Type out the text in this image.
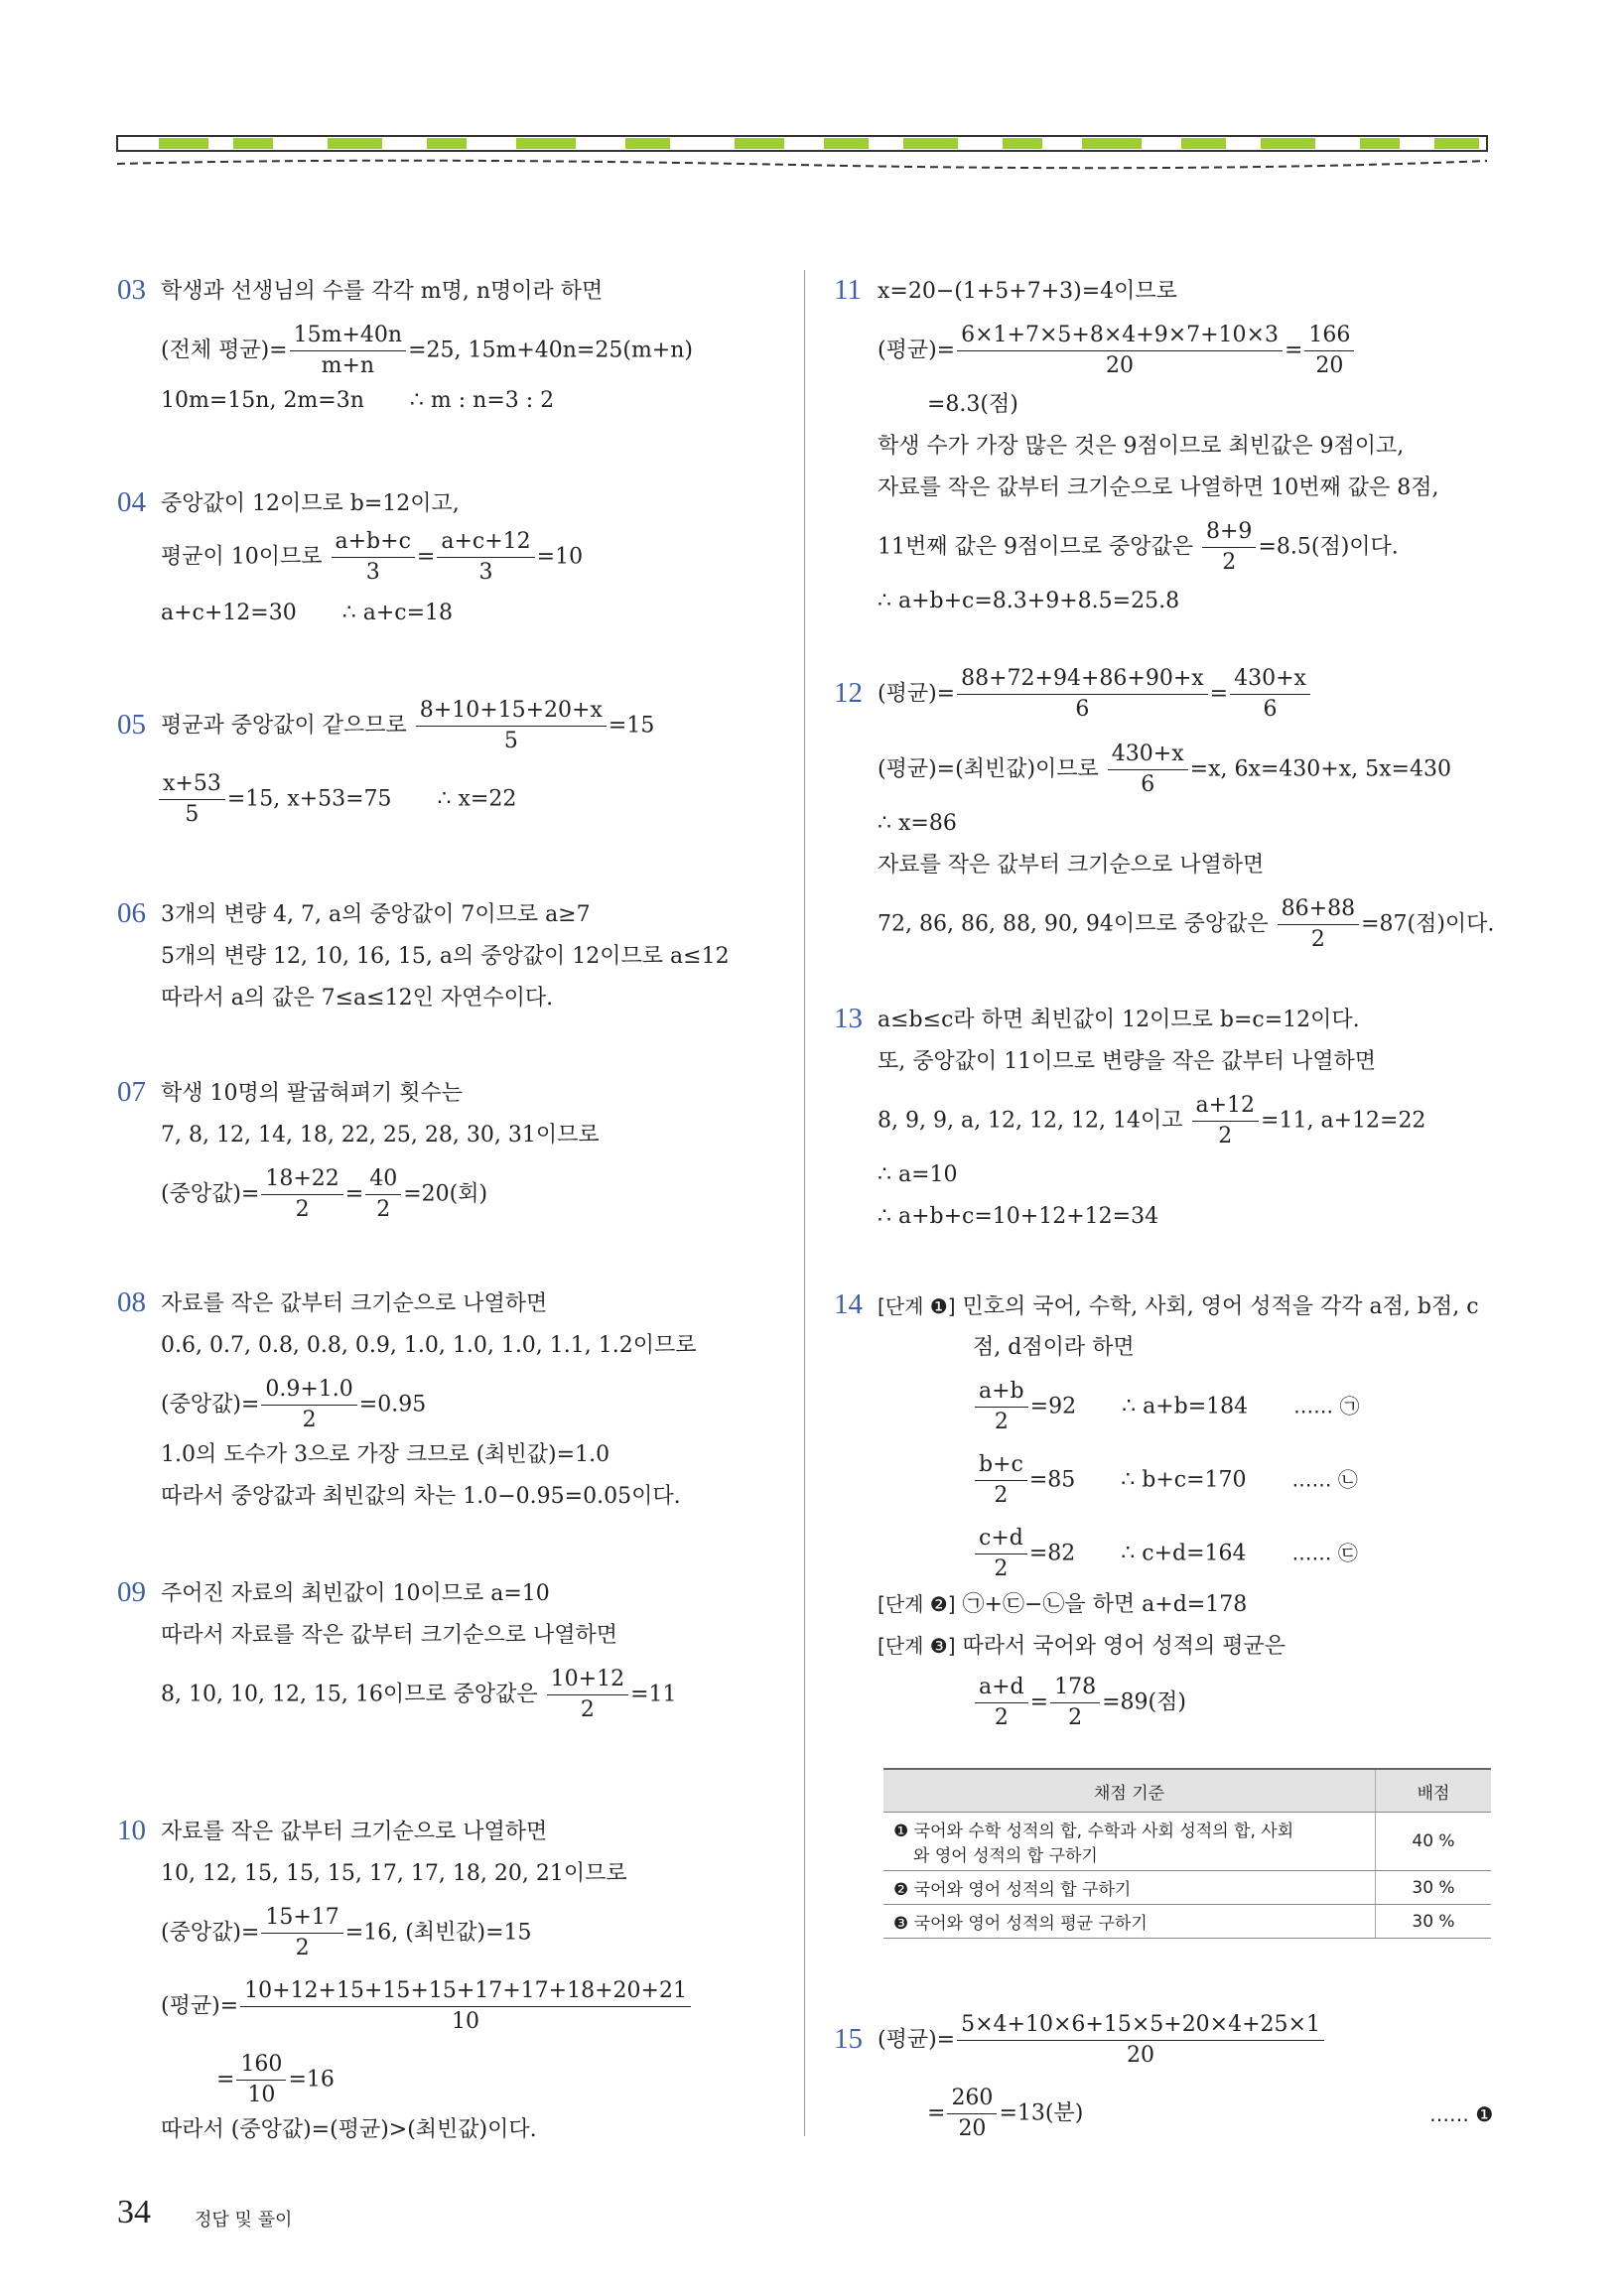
03 학생과 선생님의 수를 각각 m명, n명이라 하면
(전체 평균)= $\frac{15m+40n}{m+n} =25$, 15m+40n=25(m+n)
10m=15n, 2m=3n ∴ m : n=3 : 2
04 중앙값이 12이므로 b=12이고,
평균이 10이므로 $\frac{a+b+c}{3} = \frac{a+c+12}{3} =10$
a+c+12=30 ∴ a+c=18
05 평균과 중앙값이 같으므로 $\frac{8+10+15+20+x}{5} =15$
$\frac{x+53}{5} =15$, x+53=75 ∴ x=22
06 3개의 변량 4, 7, a의 중앙값이 7이므로 a≥7
5개의 변량 12, 10, 16, 15, a의 중앙값이 12이므로 a≤12
따라서 a의 값은 7≤a≤12인 자연수이다.
07 학생 10명의 팔굽혀펴기 횟수는
7, 8, 12, 14, 18, 22, 25, 28, 30, 31이므로
(중앙값)= $\frac{18+22}{2} = \frac{40}{2} =20$(회)
08 자료를 작은 값부터 크기순으로 나열하면
0.6, 0.7, 0.8, 0.8, 0.9, 1.0, 1.0, 1.0, 1.1, 1.2이므로
(중앙값)= $\frac{0.9+1.0}{2} =0.95$
1.0의 도수가 3으로 가장 크므로 (최빈값)=1.0
따라서 중앙값과 최빈값의 차는 1.0−0.95=0.05이다.
09 주어진 자료의 최빈값이 10이므로 a=10
따라서 자료를 작은 값부터 크기순으로 나열하면
8, 10, 10, 12, 15, 16이므로 중앙값은 $\frac{10+12}{2} =11$
10 자료를 작은 값부터 크기순으로 나열하면
10, 12, 15, 15, 15, 17, 17, 18, 20, 21이므로
(중앙값)= $\frac{15+17}{2} =16$, (최빈값)=15
(평균)= $\frac{10+12+15+15+15+17+17+18+20+21}{10}$
= $\frac{160}{10} =16$
따라서 (중앙값)=(평균)>(최빈값)이다.
11 x=20−(1+5+7+3)=4이므로
(평균)= $\frac{6\times 1+7\times 5+8\times 4+9\times 7+10\times 3}{20} = \frac{166}{20}$
=8.3(점)
학생 수가 가장 많은 것은 9점이므로 최빈값은 9점이고,
자료를 작은 값부터 크기순으로 나열하면 10번째 값은 8점,
11번째 값은 9점이므로 중앙값은 $\frac{8+9}{2} =8.5$(점)이다.
∴ a+b+c=8.3+9+8.5=25.8
12 (평균)= $\frac{88+72+94+86+90+x}{6} = \frac{430+x}{6}$
(평균)=(최빈값)이므로 $\frac{430+x}{6} =x$, 6x=430+x, 5x=430
∴ x=86
자료를 작은 값부터 크기순으로 나열하면
72, 86, 86, 88, 90, 94이므로 중앙값은 $\frac{86+88}{2} =87$(점)이다.
13 a≤b≤c라 하면 최빈값이 12이므로 b=c=12이다.
또, 중앙값이 11이므로 변량을 작은 값부터 나열하면
8, 9, 9, a, 12, 12, 12, 14이고 $\frac{a+12}{2} =11$, a+12=22
∴ a=10
∴ a+b+c=10+12+12=34
14 [단계 ❶] 민호의 국어, 수학, 사회, 영어 성적을 각각 a점, b점, c
점, d점이라 하면
$\frac{a+b}{2} =92$ ∴ a+b=184 …… ㉠
$\frac{b+c}{2} =85$ ∴ b+c=170 …… ㉡
$\frac{c+d}{2} =82$ ∴ c+d=164 …… ㉢
[단계 ❷] ㉠+㉢−㉡을 하면 a+d=178
[단계 ❸] 따라서 국어와 영어 성적의 평균은
$\frac{a+d}{2} = \frac{178}{2} =89$(점)
15 (평균)= $\frac{5\times 4+10\times 6+15\times 5+20\times 4+25\times 1}{20}$
= $\frac{260}{20} =13$(분)	…… ❶
채점 기준	배점
❶ 국어와 수학 성적의 합, 수학과 사회 성적의 합, 사회
와 영어 성적의 합 구하기	40 %
❷ 국어와 영어 성적의 합 구하기	30 %
❸ 국어와 영어 성적의 평균 구하기	30 %
34 정답 및 풀이
